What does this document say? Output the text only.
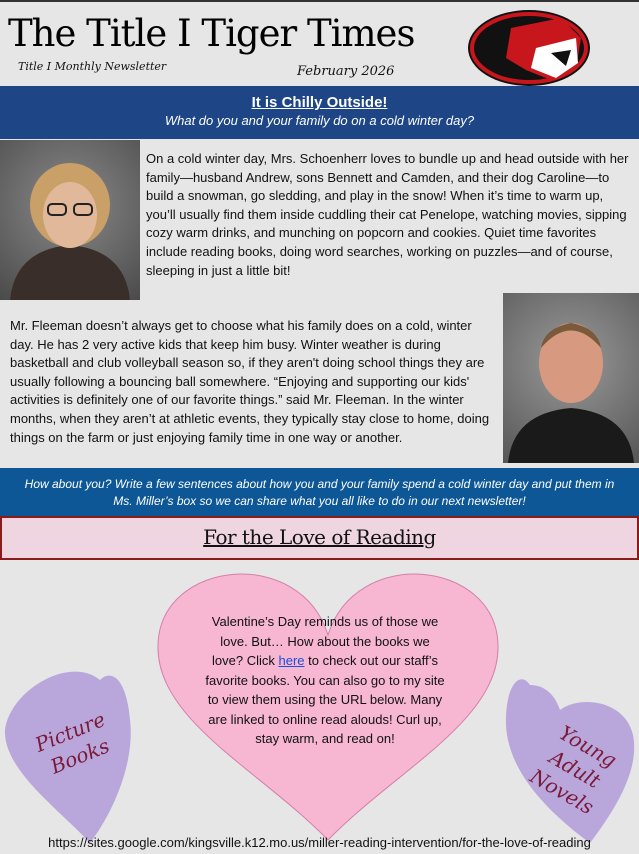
The Title I Tiger Times
Title I Monthly Newsletter	February 2026
It is Chilly Outside!
What do you and your family do on a cold winter day?
On a cold winter day, Mrs. Schoenherr loves to bundle up and head outside with her family—husband Andrew, sons Bennett and Camden, and their dog Caroline—to build a snowman, go sledding, and play in the snow! When it’s time to warm up, you’ll usually find them inside cuddling their cat Penelope, watching movies, sipping cozy warm drinks, and munching on popcorn and cookies. Quiet time favorites include reading books, doing word searches, working on puzzles—and of course, sleeping in just a little bit!
Mr. Fleeman doesn’t always get to choose what his family does on a cold, winter day. He has 2 very active kids that keep him busy. Winter weather is during basketball and club volleyball season so, if they aren't doing school things they are usually following a bouncing ball somewhere. “Enjoying and supporting our kids' activities is definitely one of our favorite things.” said Mr. Fleeman. In the winter months, when they aren’t at athletic events, they typically stay close to home, doing things on the farm or just enjoying family time in one way or another.
How about you? Write a few sentences about how you and your family spend a cold winter day and put them in Ms. Miller’s box so we can share what you all like to do in our next newsletter!
For the Love of Reading
Valentine’s Day reminds us of those we love. But… How about the books we love? Click here to check out our staff’s favorite books. You can also go to my site to view them using the URL below. Many are linked to online read alouds! Curl up, stay warm, and read on!
Picture Books	Young Adult Novels
https://sites.google.com/kingsville.k12.mo.us/miller-reading-intervention/for-the-love-of-reading
